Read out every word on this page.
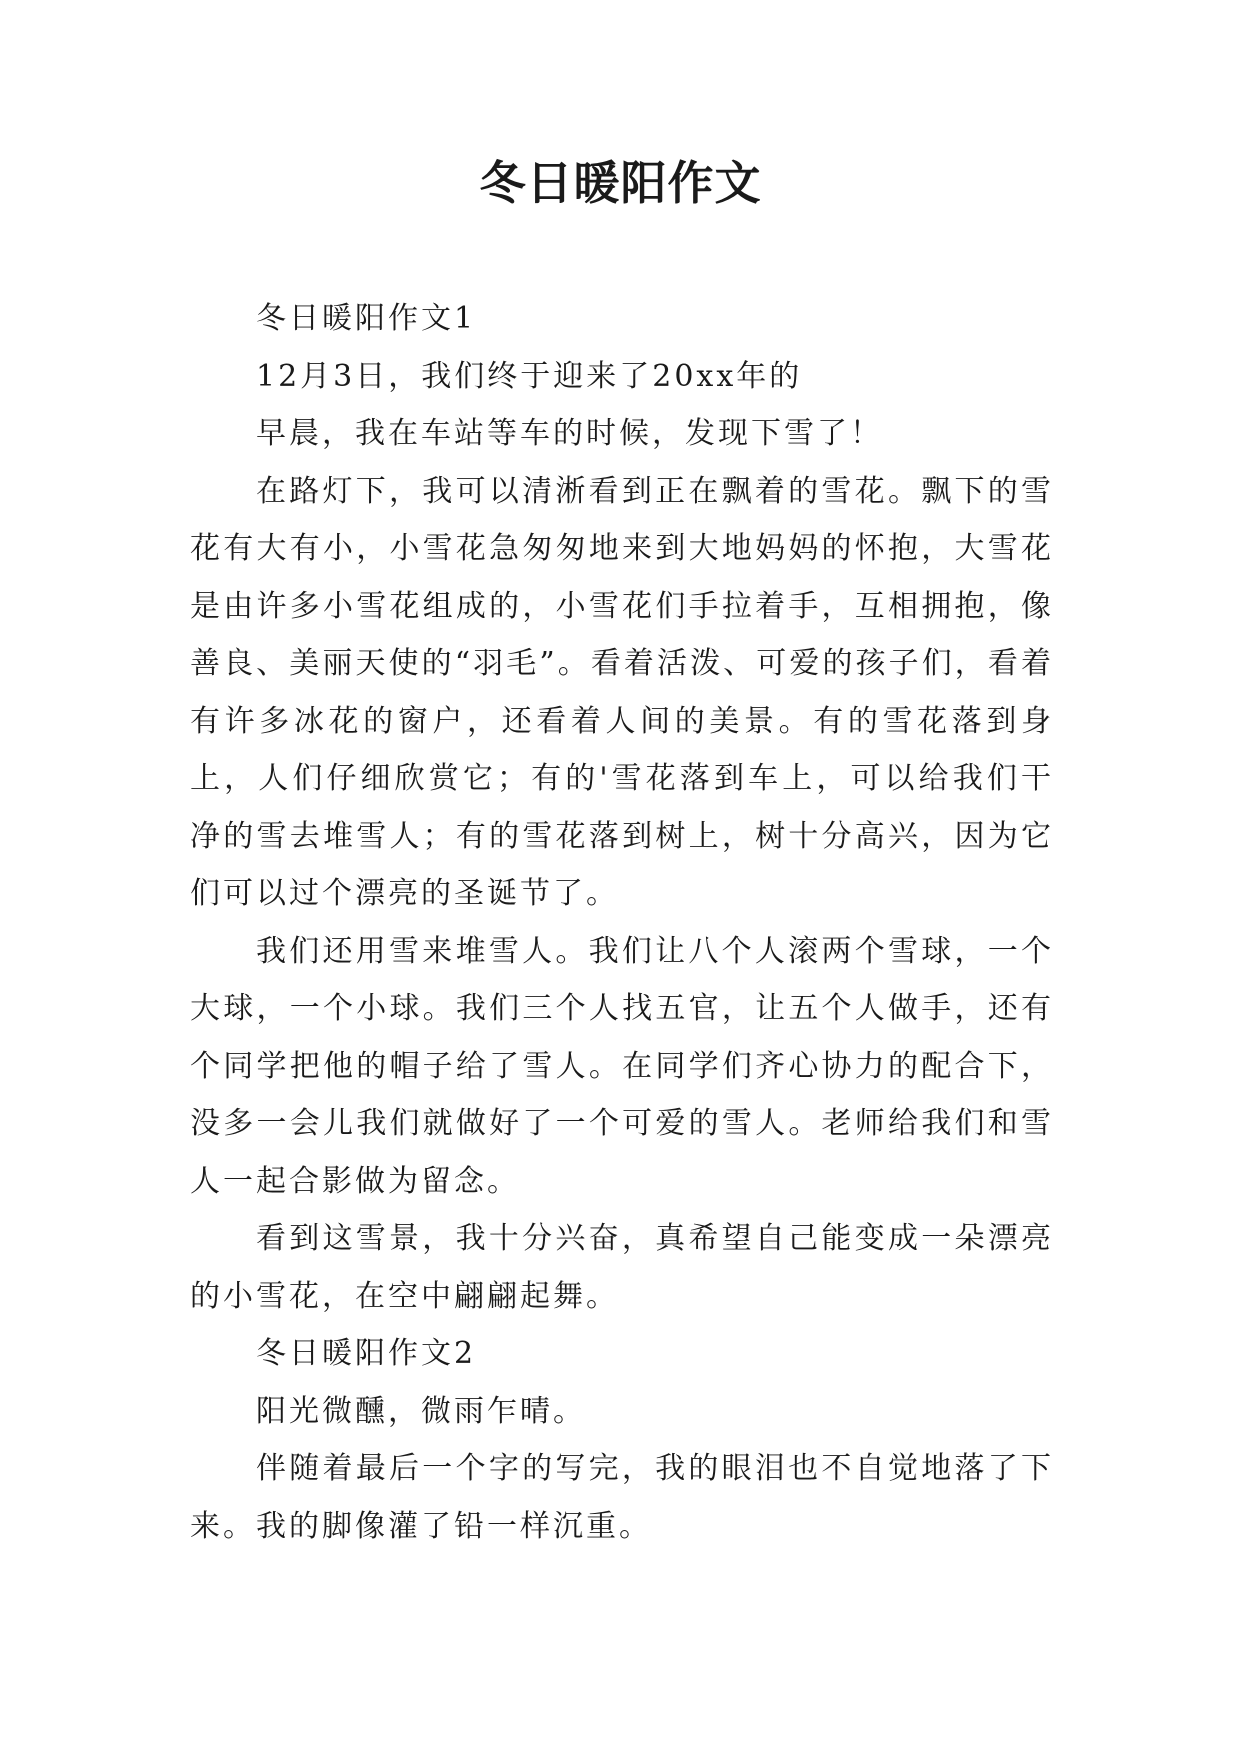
冬日暖阳作文

冬日暖阳作文1

12月3日，我们终于迎来了20xx年的

早晨，我在车站等车的时候，发现下雪了！

在路灯下，我可以清淅看到正在飘着的雪花。飘下的雪花有大有小，小雪花急匆匆地来到大地妈妈的怀抱，大雪花是由许多小雪花组成的，小雪花们手拉着手，互相拥抱，像善良、美丽天使的“羽毛”。看着活泼、可爱的孩子们，看着有许多冰花的窗户，还看着人间的美景。有的雪花落到身上，人们仔细欣赏它；有的'雪花落到车上，可以给我们干净的雪去堆雪人；有的雪花落到树上，树十分高兴，因为它们可以过个漂亮的圣诞节了。

我们还用雪来堆雪人。我们让八个人滚两个雪球，一个大球，一个小球。我们三个人找五官，让五个人做手，还有个同学把他的帽子给了雪人。在同学们齐心协力的配合下，没多一会儿我们就做好了一个可爱的雪人。老师给我们和雪人一起合影做为留念。

看到这雪景，我十分兴奋，真希望自己能变成一朵漂亮的小雪花，在空中翩翩起舞。

冬日暖阳作文2

阳光微醺，微雨乍晴。

伴随着最后一个字的写完，我的眼泪也不自觉地落了下来。我的脚像灌了铅一样沉重。
